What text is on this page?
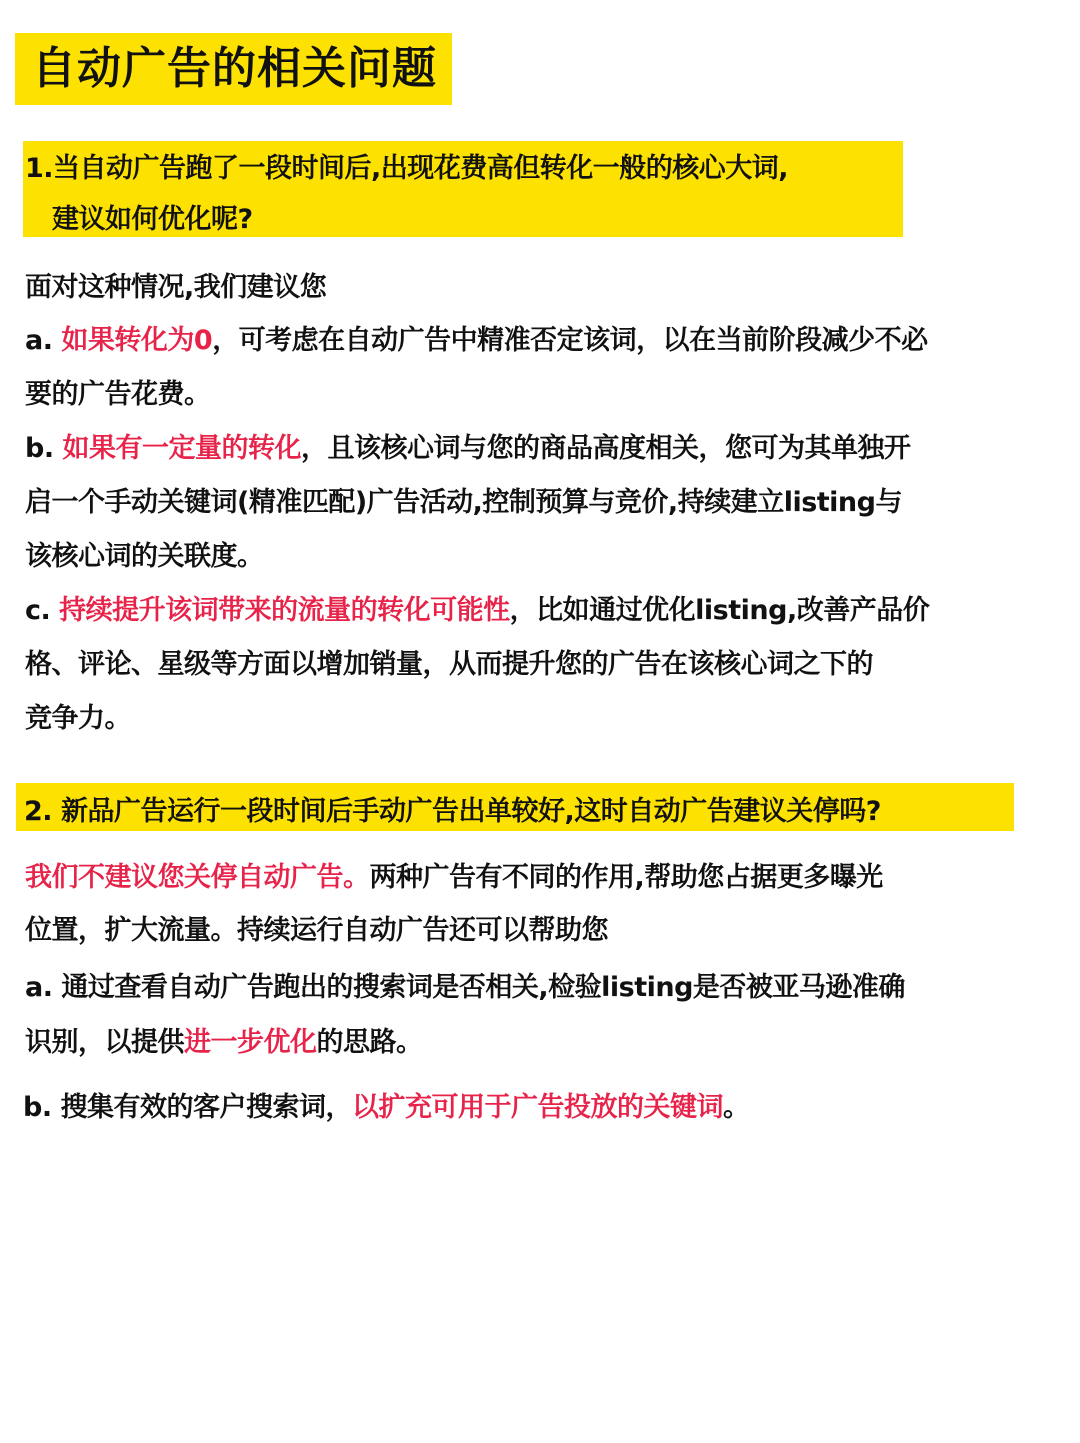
自动广告的相关问题
1.当自动广告跑了一段时间后,出现花费高但转化一般的核心大词,
建议如何优化呢?
面对这种情况,我们建议您
a. 如果转化为0，可考虑在自动广告中精准否定该词，以在当前阶段减少不必
要的广告花费。
b. 如果有一定量的转化，且该核心词与您的商品高度相关，您可为其单独开
启一个手动关键词(精准匹配)广告活动,控制预算与竞价,持续建立listing与
该核心词的关联度。
c. 持续提升该词带来的流量的转化可能性，比如通过优化listing,改善产品价
格、评论、星级等方面以增加销量，从而提升您的广告在该核心词之下的
竞争力。
2. 新品广告运行一段时间后手动广告出单较好,这时自动广告建议关停吗?
我们不建议您关停自动广告。两种广告有不同的作用,帮助您占据更多曝光
位置，扩大流量。持续运行自动广告还可以帮助您
a. 通过查看自动广告跑出的搜索词是否相关,检验listing是否被亚马逊准确
识别，以提供进一步优化的思路。
b. 搜集有效的客户搜索词，以扩充可用于广告投放的关键词。
